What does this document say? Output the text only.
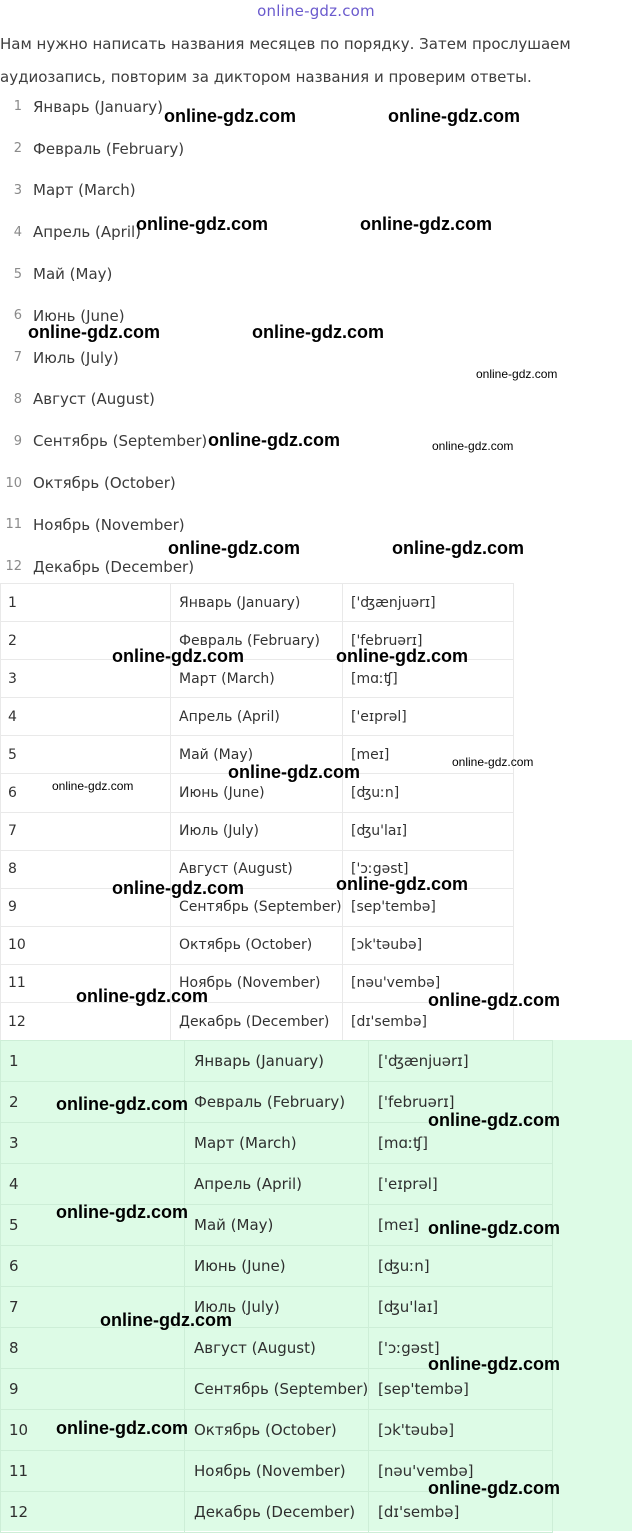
online-gdz.com
Нам нужно написать названия месяцев по порядку. Затем прослушаем аудиозапись, повторим за диктором названия и проверим ответы.
1 Январь (January)
2 Февраль (February)
3 Март (March)
4 Апрель (April)
5 Май (May)
6 Июнь (June)
7 Июль (July)
8 Август (August)
9 Сентябрь (September)
10 Октябрь (October)
11 Ноябрь (November)
12 Декабрь (December)
1	Январь (January)	['ʤænjuərɪ]
2	Февраль (February)	['februərɪ]
3	Март (March)	[mɑːʧ]
4	Апрель (April)	['eɪprəl]
5	Май (May)	[meɪ]
6	Июнь (June)	[ʤuːn]
7	Июль (July)	[ʤu'laɪ]
8	Август (August)	['ɔːgəst]
9	Сентябрь (September)	[sep'tembə]
10	Октябрь (October)	[ɔk'təubə]
11	Ноябрь (November)	[nəu'vembə]
12	Декабрь (December)	[dɪ'sembə]
1	Январь (January)	['ʤænjuərɪ]
2	Февраль (February)	['februərɪ]
3	Март (March)	[mɑːʧ]
4	Апрель (April)	['eɪprəl]
5	Май (May)	[meɪ]
6	Июнь (June)	[ʤuːn]
7	Июль (July)	[ʤu'laɪ]
8	Август (August)	['ɔːgəst]
9	Сентябрь (September)	[sep'tembə]
10	Октябрь (October)	[ɔk'təubə]
11	Ноябрь (November)	[nəu'vembə]
12	Декабрь (December)	[dɪ'sembə]
online-gdz.com	online-gdz.com
online-gdz.com	online-gdz.com
online-gdz.com	online-gdz.com
online-gdz.com
online-gdz.com	online-gdz.com
online-gdz.com	online-gdz.com
online-gdz.com	online-gdz.com
online-gdz.com
online-gdz.com
online-gdz.com
online-gdz.com
online-gdz.com
online-gdz.com	online-gdz.com
online-gdz.com
online-gdz.com
online-gdz.com
online-gdz.com
online-gdz.com
online-gdz.com
online-gdz.com
online-gdz.com
